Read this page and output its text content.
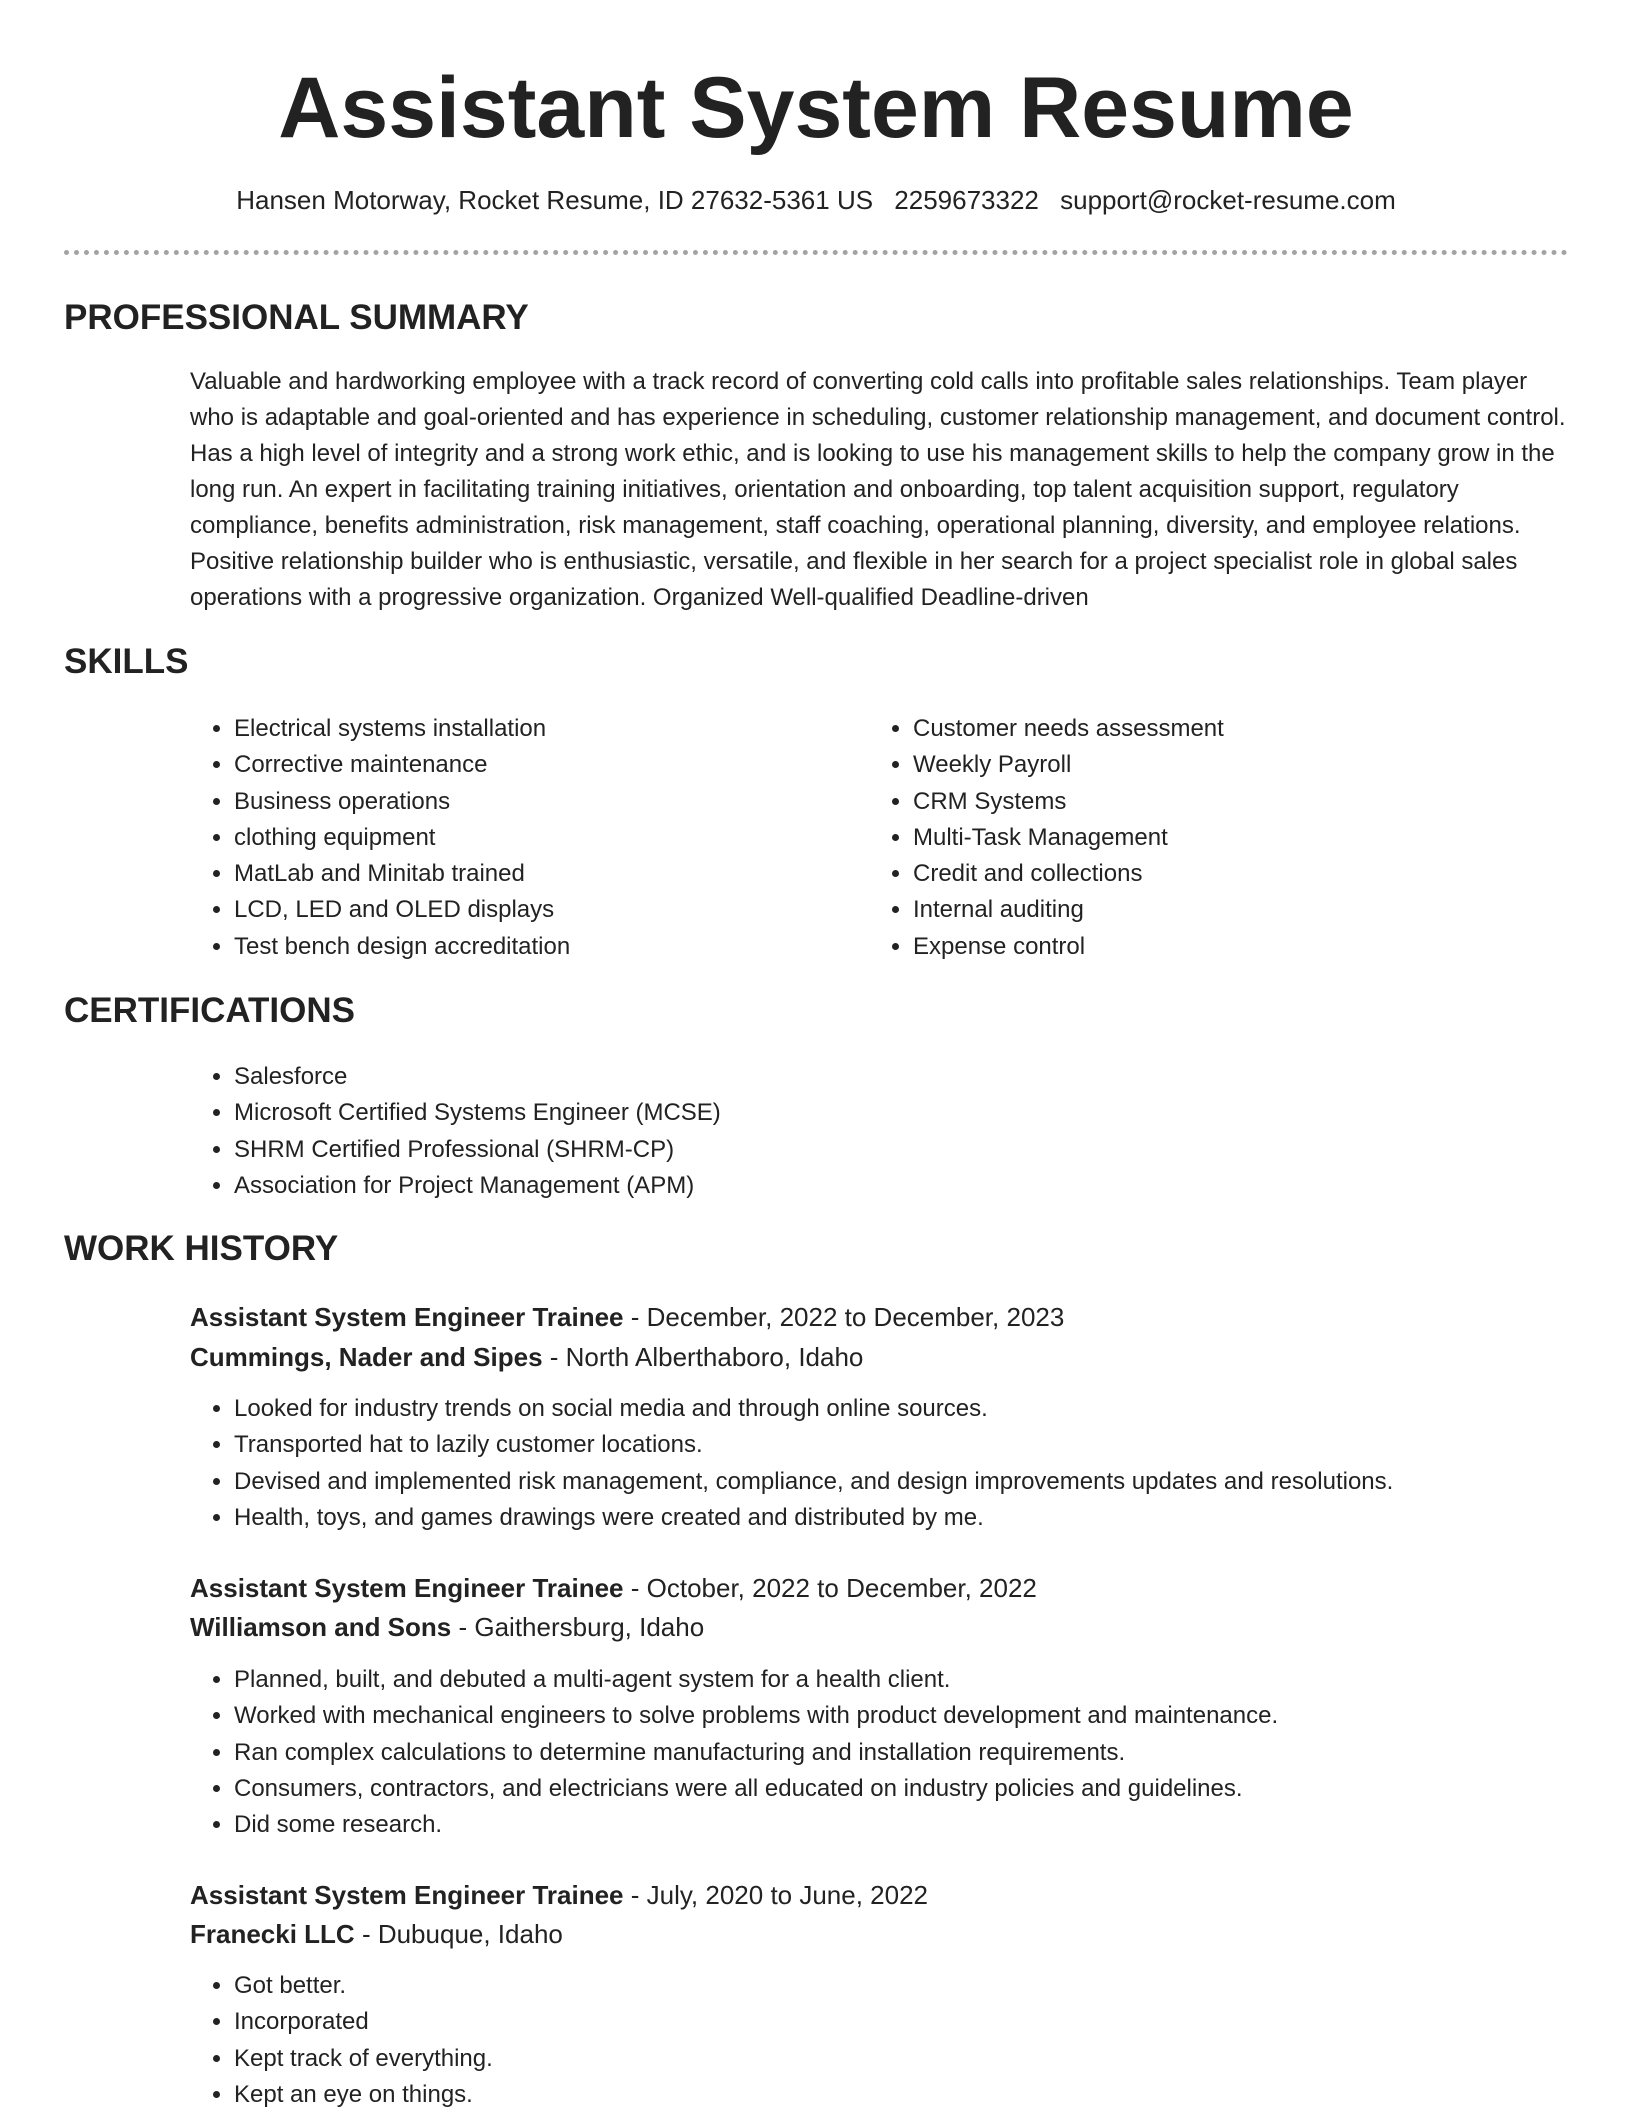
Assistant System Resume
Hansen Motorway, Rocket Resume, ID 27632-5361 US 2259673322 support@rocket-resume.com
PROFESSIONAL SUMMARY

Valuable and hardworking employee with a track record of converting cold calls into profitable sales relationships. Team player who is adaptable and goal-oriented and has experience in scheduling, customer relationship management, and document control. Has a high level of integrity and a strong work ethic, and is looking to use his management skills to help the company grow in the long run. An expert in facilitating training initiatives, orientation and onboarding, top talent acquisition support, regulatory compliance, benefits administration, risk management, staff coaching, operational planning, diversity, and employee relations. Positive relationship builder who is enthusiastic, versatile, and flexible in her search for a project specialist role in global sales operations with a progressive organization. Organized Well-qualified Deadline-driven

SKILLS
• Electrical systems installation
• Corrective maintenance
• Business operations
• clothing equipment
• MatLab and Minitab trained
• LCD, LED and OLED displays
• Test bench design accreditation
• Customer needs assessment
• Weekly Payroll
• CRM Systems
• Multi-Task Management
• Credit and collections
• Internal auditing
• Expense control
CERTIFICATIONS
• Salesforce
• Microsoft Certified Systems Engineer (MCSE)
• SHRM Certified Professional (SHRM-CP)
• Association for Project Management (APM)
WORK HISTORY
Assistant System Engineer Trainee - December, 2022 to December, 2023
Cummings, Nader and Sipes - North Alberthaboro, Idaho
• Looked for industry trends on social media and through online sources.
• Transported hat to lazily customer locations.
• Devised and implemented risk management, compliance, and design improvements updates and resolutions.
• Health, toys, and games drawings were created and distributed by me.
Assistant System Engineer Trainee - October, 2022 to December, 2022
Williamson and Sons - Gaithersburg, Idaho
• Planned, built, and debuted a multi-agent system for a health client.
• Worked with mechanical engineers to solve problems with product development and maintenance.
• Ran complex calculations to determine manufacturing and installation requirements.
• Consumers, contractors, and electricians were all educated on industry policies and guidelines.
• Did some research.
Assistant System Engineer Trainee - July, 2020 to June, 2022
Franecki LLC - Dubuque, Idaho
• Got better.
• Incorporated
• Kept track of everything.
• Kept an eye on things.
